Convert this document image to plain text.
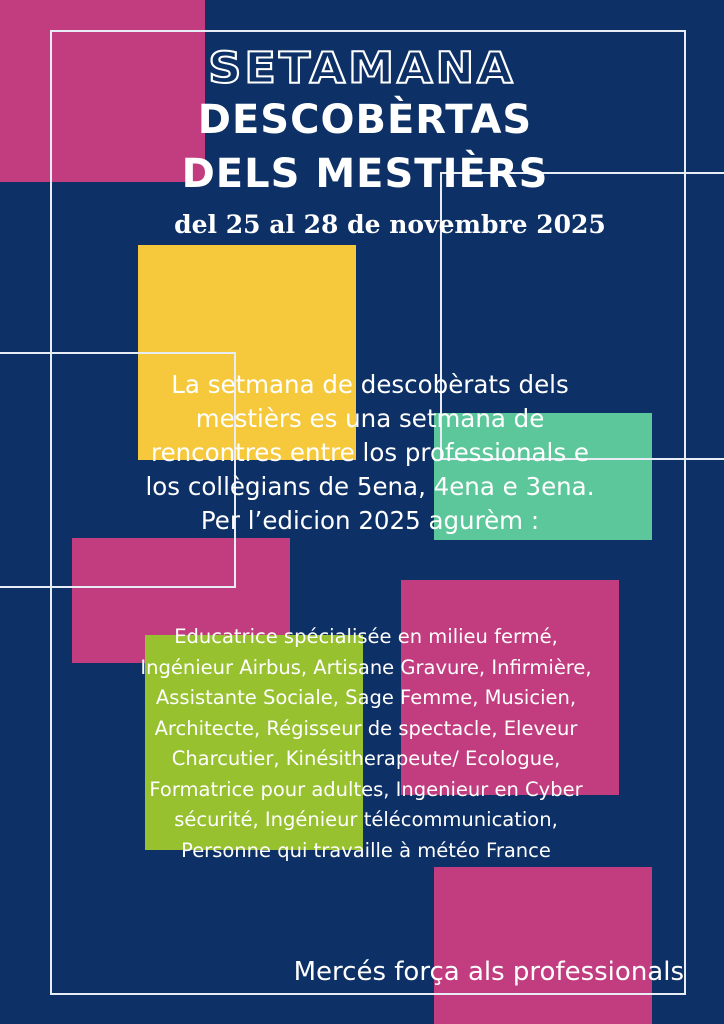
SETAMANA
DESCOBÈRTAS
DELS MESTIÈRS
del 25 al 28 de novembre 2025
La setmana de descobèrats dels
mestièrs es una setmana de
rencontres entre los professionals e
los collègians de 5ena, 4ena e 3ena.
Per l’edicion 2025 agurèm :
Educatrice spécialisée en milieu fermé,
Ingénieur Airbus, Artisane Gravure, Infirmière,
Assistante Sociale, Sage Femme, Musicien,
Architecte, Régisseur de spectacle, Eleveur
Charcutier, Kinésitherapeute/ Ecologue,
Formatrice pour adultes, Ingenieur en Cyber
sécurité, Ingénieur télécommunication,
Personne qui travaille à météo France
Mercés força als professionals
